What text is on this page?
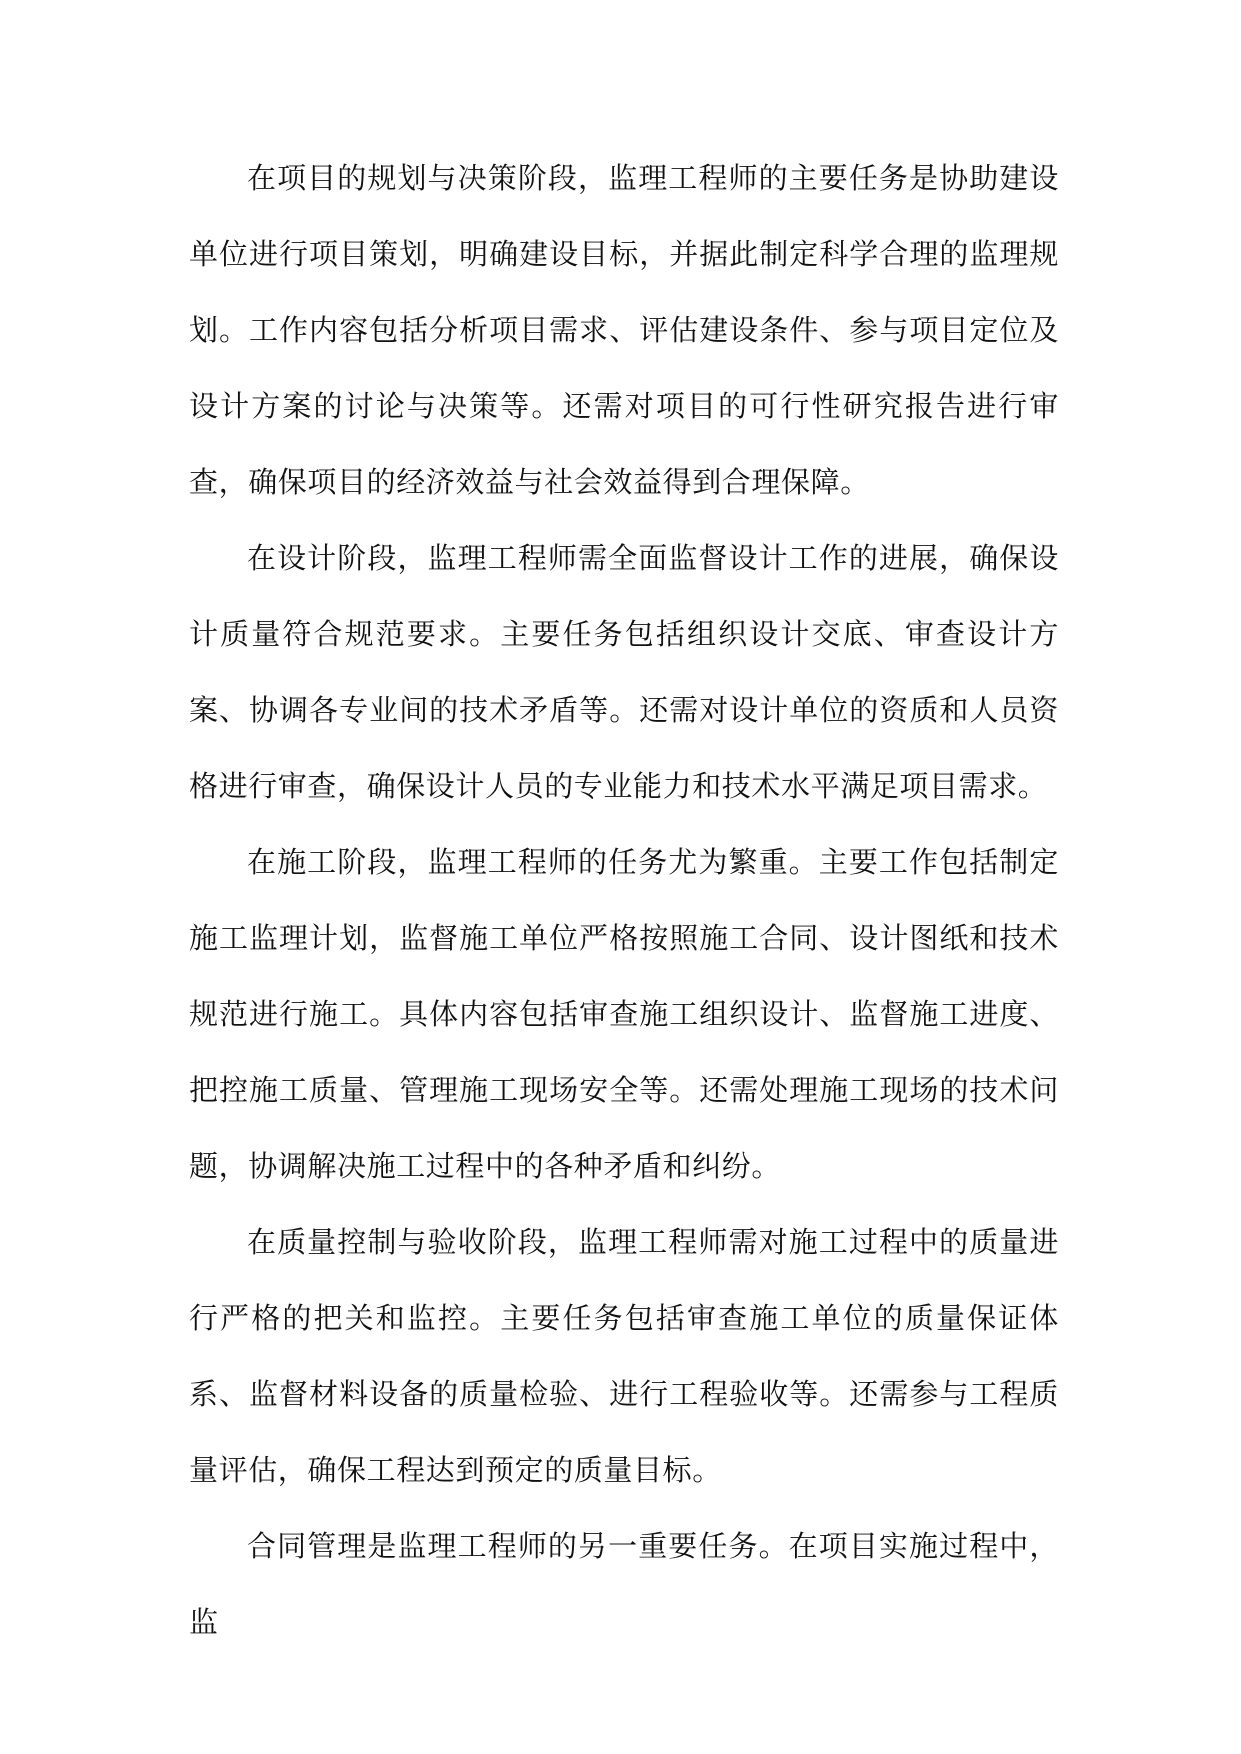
在项目的规划与决策阶段，监理工程师的主要任务是协助建设单位进行项目策划，明确建设目标，并据此制定科学合理的监理规划。工作内容包括分析项目需求、评估建设条件、参与项目定位及设计方案的讨论与决策等。还需对项目的可行性研究报告进行审查，确保项目的经济效益与社会效益得到合理保障。

在设计阶段，监理工程师需全面监督设计工作的进展，确保设计质量符合规范要求。主要任务包括组织设计交底、审查设计方案、协调各专业间的技术矛盾等。还需对设计单位的资质和人员资格进行审查，确保设计人员的专业能力和技术水平满足项目需求。

在施工阶段，监理工程师的任务尤为繁重。主要工作包括制定施工监理计划，监督施工单位严格按照施工合同、设计图纸和技术规范进行施工。具体内容包括审查施工组织设计、监督施工进度、把控施工质量、管理施工现场安全等。还需处理施工现场的技术问题，协调解决施工过程中的各种矛盾和纠纷。

在质量控制与验收阶段，监理工程师需对施工过程中的质量进行严格的把关和监控。主要任务包括审查施工单位的质量保证体系、监督材料设备的质量检验、进行工程验收等。还需参与工程质量评估，确保工程达到预定的质量目标。

合同管理是监理工程师的另一重要任务。在项目实施过程中，监
